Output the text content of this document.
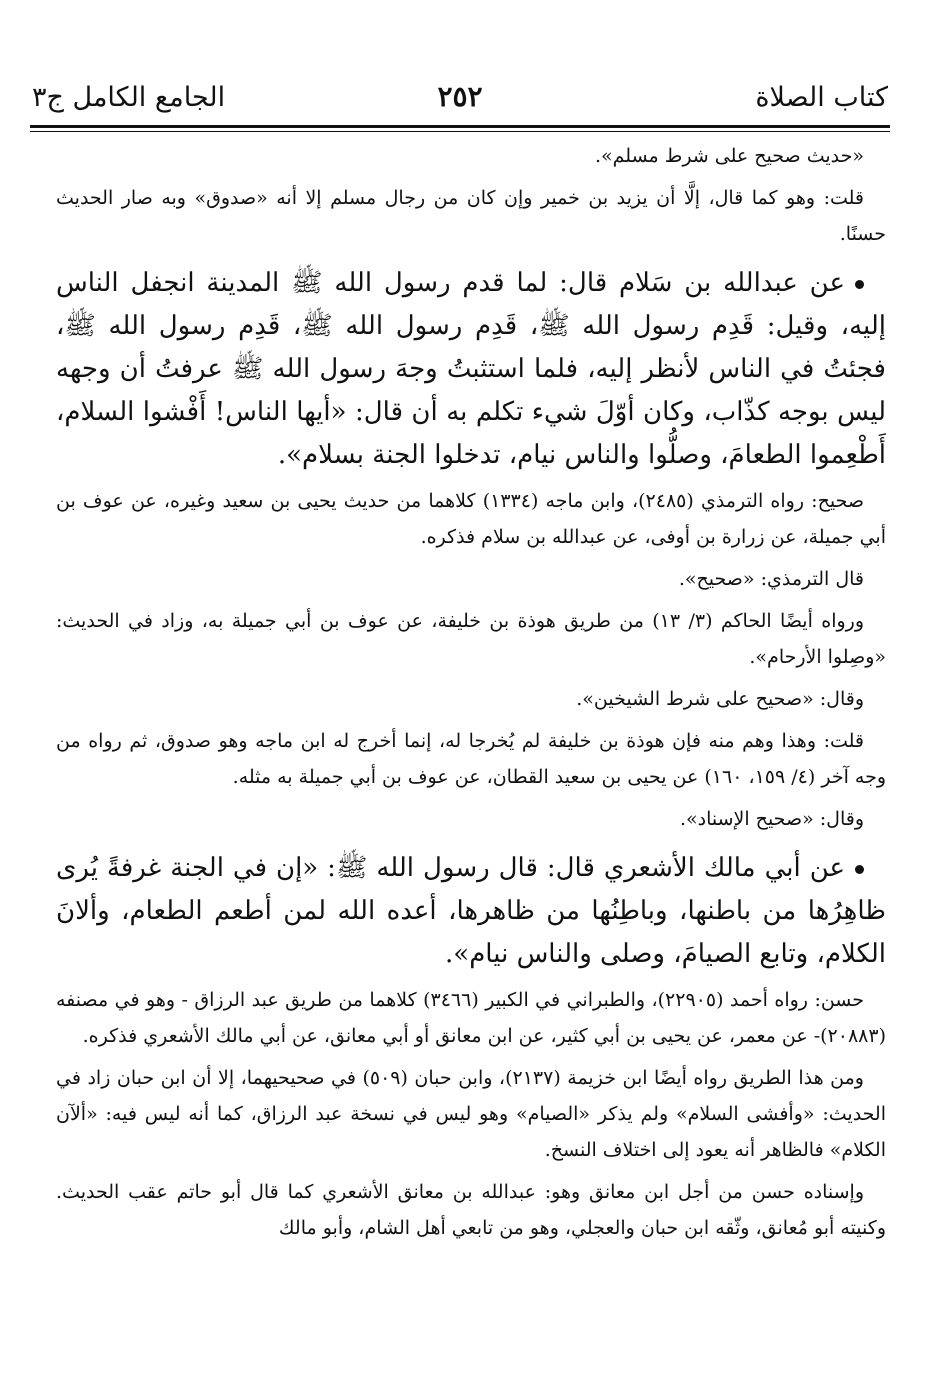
كتاب الصلاة
٢٥٢
الجامع الكامل ج٣

«حديث صحيح على شرط مسلم».

قلت: وهو كما قال، إلَّا أن يزيد بن خمير وإن كان من رجال مسلم إلا أنه «صدوق» وبه صار الحديث حسنًا.

عن عبدالله بن سَلام قال: لما قدم رسول الله ﷺ المدينة انجفل الناس إليه، وقيل: قَدِم رسول الله ﷺ، قَدِم رسول الله ﷺ، قَدِم رسول الله ﷺ، فجئتُ في الناس لأنظر إليه، فلما استثبتُ وجهَ رسول الله ﷺ عرفتُ أن وجهه ليس بوجه كذّاب، وكان أوّلَ شيء تكلم به أن قال: «أيها الناس! أَفْشوا السلام، أَطْعِموا الطعامَ، وصلُّوا والناس نيام، تدخلوا الجنة بسلام».

صحيح: رواه الترمذي (٢٤٨٥)، وابن ماجه (١٣٣٤) كلاهما من حديث يحيى بن سعيد وغيره، عن عوف بن أبي جميلة، عن زرارة بن أوفى، عن عبدالله بن سلام فذكره.

قال الترمذي: «صحيح».

ورواه أيضًا الحاكم (٣/ ١٣) من طريق هوذة بن خليفة، عن عوف بن أبي جميلة به، وزاد في الحديث: «وصِلوا الأرحام».

وقال: «صحيح على شرط الشيخين».

قلت: وهذا وهم منه فإن هوذة بن خليفة لم يُخرجا له، إنما أخرج له ابن ماجه وهو صدوق، ثم رواه من وجه آخر (٤/ ١٥٩، ١٦٠) عن يحيى بن سعيد القطان، عن عوف بن أبي جميلة به مثله.

وقال: «صحيح الإسناد».

عن أبي مالك الأشعري قال: قال رسول الله ﷺ: «إن في الجنة غرفةً يُرى ظاهِرُها من باطنها، وباطِنُها من ظاهرها، أعده الله لمن أطعم الطعام، وألانَ الكلام، وتابع الصيامَ، وصلى والناس نيام».

حسن: رواه أحمد (٢٢٩٠٥)، والطبراني في الكبير (٣٤٦٦) كلاهما من طريق عبد الرزاق - وهو في مصنفه (٢٠٨٨٣)- عن معمر، عن يحيى بن أبي كثير، عن ابن معانق أو أبي معانق، عن أبي مالك الأشعري فذكره.

ومن هذا الطريق رواه أيضًا ابن خزيمة (٢١٣٧)، وابن حبان (٥٠٩) في صحيحيهما، إلا أن ابن حبان زاد في الحديث: «وأفشى السلام» ولم يذكر «الصيام» وهو ليس في نسخة عبد الرزاق، كما أنه ليس فيه: «ألآن الكلام» فالظاهر أنه يعود إلى اختلاف النسخ.

وإسناده حسن من أجل ابن معانق وهو: عبدالله بن معانق الأشعري كما قال أبو حاتم عقب الحديث. وكنيته أبو مُعانق، وثّقه ابن حبان والعجلي، وهو من تابعي أهل الشام، وأبو مالك
